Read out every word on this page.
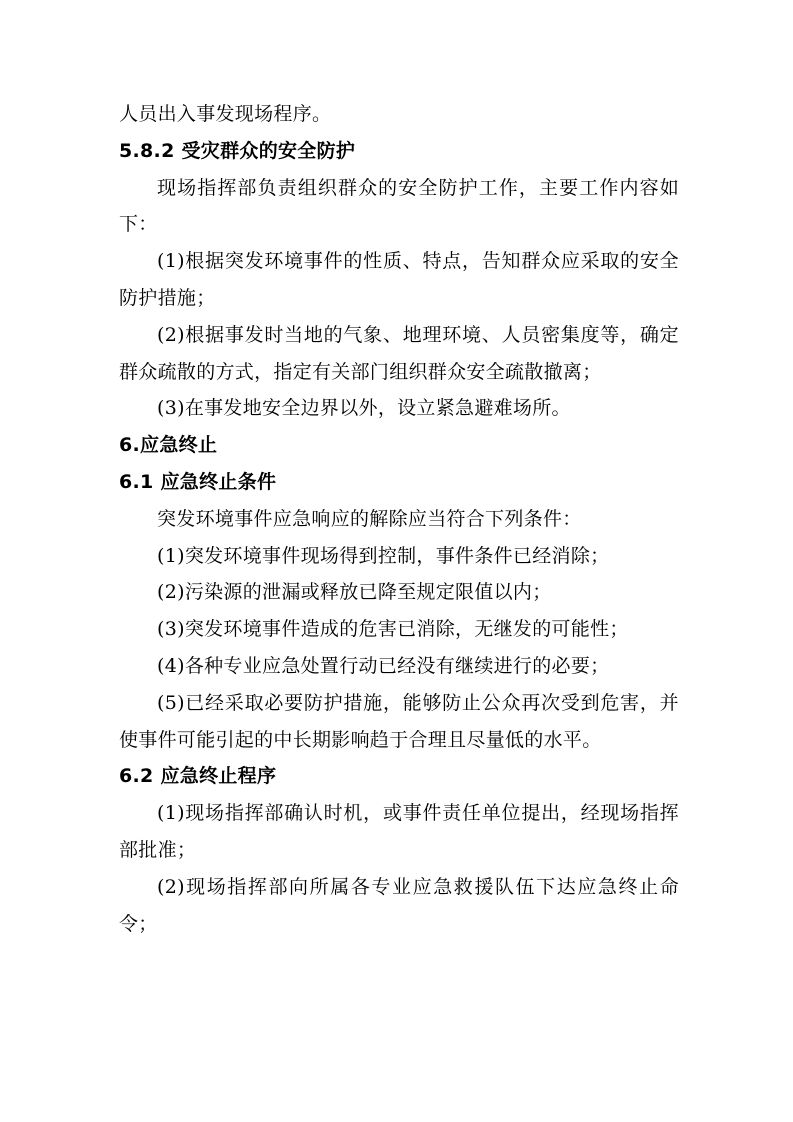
人员出入事发现场程序。

5.8.2 受灾群众的安全防护

现场指挥部负责组织群众的安全防护工作，主要工作内容如下：

(1)根据突发环境事件的性质、特点，告知群众应采取的安全防护措施；

(2)根据事发时当地的气象、地理环境、人员密集度等，确定群众疏散的方式，指定有关部门组织群众安全疏散撤离；

(3)在事发地安全边界以外，设立紧急避难场所。

6.应急终止

6.1 应急终止条件

突发环境事件应急响应的解除应当符合下列条件：

(1)突发环境事件现场得到控制，事件条件已经消除；

(2)污染源的泄漏或释放已降至规定限值以内；

(3)突发环境事件造成的危害已消除，无继发的可能性；

(4)各种专业应急处置行动已经没有继续进行的必要；

(5)已经采取必要防护措施，能够防止公众再次受到危害，并使事件可能引起的中长期影响趋于合理且尽量低的水平。

6.2 应急终止程序

(1)现场指挥部确认时机，或事件责任单位提出，经现场指挥部批准；

(2)现场指挥部向所属各专业应急救援队伍下达应急终止命令；
